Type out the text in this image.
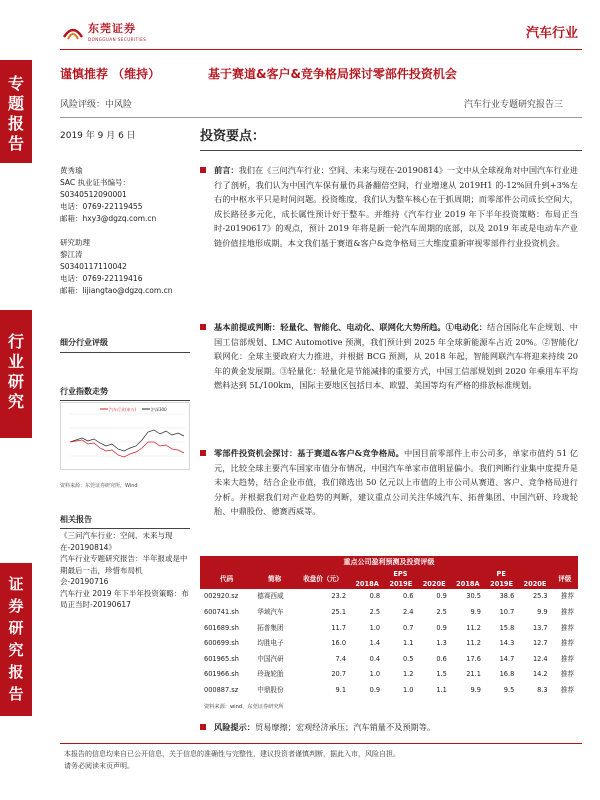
东莞证券
DONGGUAN SECURITIES	汽车行业
专
题
报
告
行
业
研
究
证
券
研
究
报
告
谨慎推荐 （维持）	基于赛道&客户&竞争格局探讨零部件投资机会
风险评级：中风险	汽车行业专题研究报告三
2019 年 9 月 6 日
黄秀瑜
SAC 执业证书编号：
S0340512090001
电话：0769-22119455
邮箱：hxy3@dgzq.com.cn
研究助理
黎江涛
S0340117110042
电话：0769-22119416
邮箱：lijiangtao@dgzq.com.cn
细分行业评级
行业指数走势
汽车行业(申万)	沪深300
资料来源：东莞证券研究所，Wind
相关报告
《三问汽车行业：空间、未来与现在-20190814》
汽车行业专题研究报告：半年报或是中期最后一击，珍惜布局机会-20190716
汽车行业 2019 年下半年投资策略：布局正当时-20190617
投资要点：
前言：我们在《三问汽车行业：空间、未来与现在-20190814》一文中从全球视角对中国汽车行业进行了剖析，我们认为中国汽车保有量仍具备翻倍空间，行业增速从 2019H1 的-12%回升到+3%左右的中枢水平只是时间问题。投资维度，我们认为整车核心在于抓周期；而零部件公司成长空间大，成长路径多元化，成长属性预计好于整车。并维持《汽车行业 2019 年下半年投资策略：布局正当时-20190617》的观点，预计 2019 年将是新一轮汽车周期的底部，以及 2019 年或是电动车产业链价值挂地形成期。本文我们基于赛道&客户&竞争格局三大维度重新审视零部件行业投资机会。
基本前提或判断：轻量化、智能化、电动化、联网化大势所趋。①电动化：结合国际化车企规划、中国工信部规划、LMC Automotive 预测，我们预计到 2025 年全球新能源车占近 20%。②智能化/联网化：全球主要政府大力推进，并根据 BCG 预测，从 2018 年起，智能网联汽车将迎来持续 20 年的黄金发展期。③轻量化：轻量化是节能减排的重要方式，中国工信部规划到 2020 年乘用车平均燃料达到 5L/100km，国际主要地区包括日本、欧盟、美国等均有严格的排放标准规划。
零部件投资机会探讨：基于赛道&客户&竞争格局。中国目前零部件上市公司多，单家市值约 51 亿元，比较全球主要汽车国家市值分布情况，中国汽车单家市值明显偏小。我们判断行业集中度提升是未来大趋势，结合企业市值，我们筛选出 50 亿元以上市值的上市公司从赛道、客户、竞争格局进行分析。并根据我们对产业趋势的判断，建议重点公司关注华域汽车、拓普集团、中国汽研、玲珑轮胎、中鼎股份、德赛西威等。
重点公司盈利预测及投资评级
代码	简称	收盘价（元）	EPS			PE			评级
			2018A	2019E	2020E	2018A	2019E	2020E	
002920.sz	德赛西威	23.2	0.8	0.6	0.9	30.5	38.6	25.3	推荐
600741.sh	华域汽车	25.1	2.5	2.4	2.5	9.9	10.7	9.9	推荐
601689.sh	拓普集团	11.7	1.0	0.7	0.9	11.2	15.8	13.7	推荐
600699.sh	均胜电子	16.0	1.4	1.1	1.3	11.2	14.3	12.7	推荐
601965.sh	中国汽研	7.4	0.4	0.5	0.6	17.6	14.7	12.4	推荐
601966.sh	玲珑轮胎	20.7	1.0	1.2	1.5	21.1	16.8	14.2	推荐
000887.sz	中鼎股份	9.1	0.9	1.0	1.1	9.9	9.5	8.3	推荐
资料来源：wind、东莞证券研究所
风险提示：贸易摩擦；宏观经济承压；汽车销量不及预期等。
本报告的信息均来自已公开信息，关于信息的准确性与完整性，建议投资者谨慎判断，据此入市，风险自担。
请务必阅读末页声明。
